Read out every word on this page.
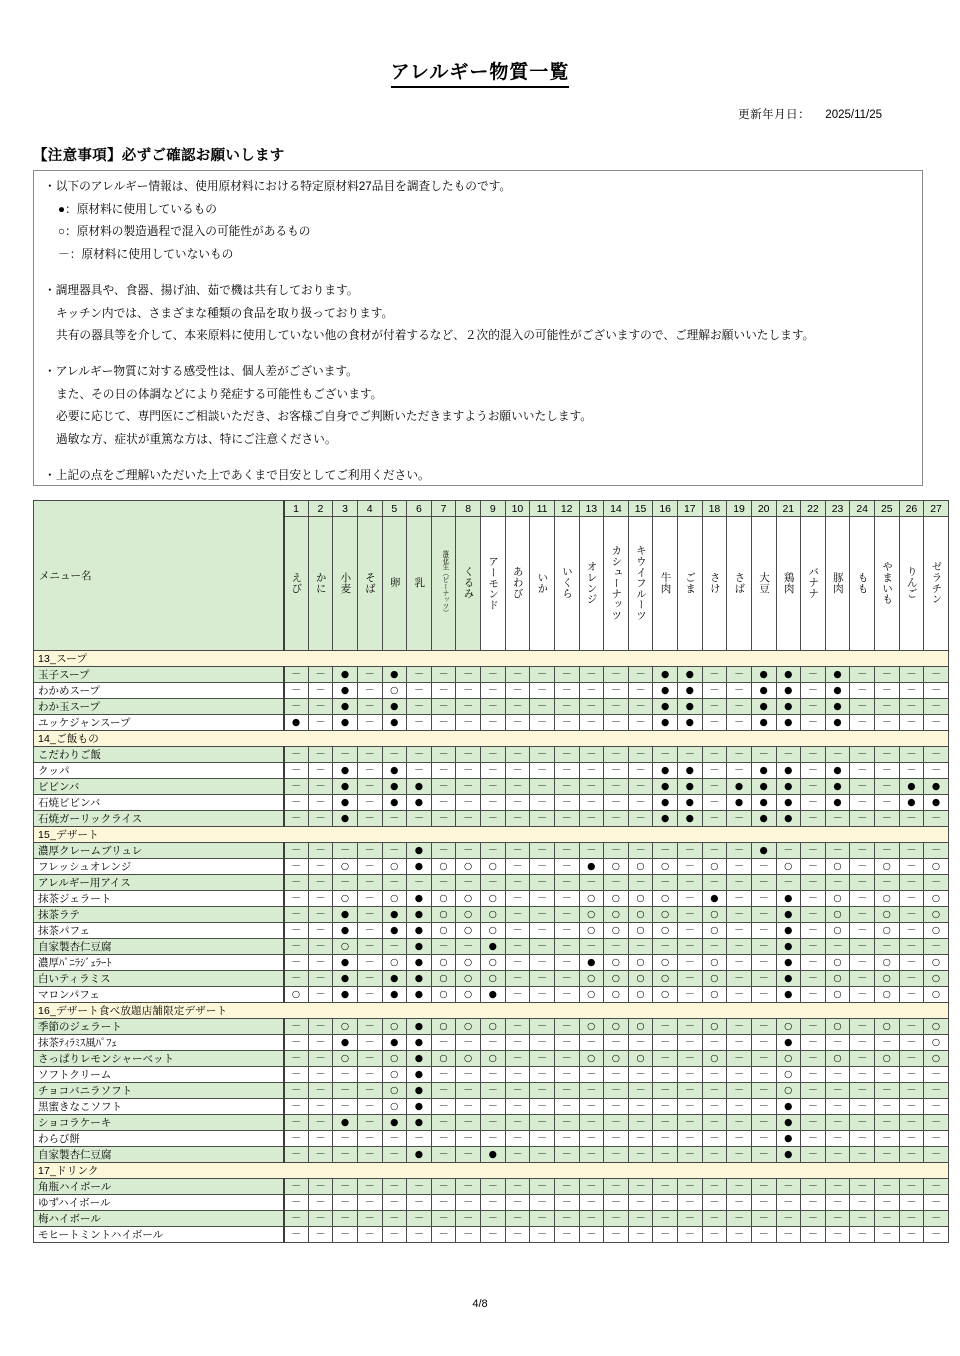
アレルギー物質一覧
更新年月日： 2025/11/25
【注意事項】必ずご確認お願いします
・以下のアレルギー情報は、使用原材料における特定原材料27品目を調査したものです。
●：原材料に使用しているもの
○：原材料の製造過程で混入の可能性があるもの
－：原材料に使用していないもの
・調理器具や、食器、揚げ油、茹で機は共有しております。
キッチン内では、さまざまな種類の食品を取り扱っております。
共有の器具等を介して、本来原料に使用していない他の食材が付着するなど、２次的混入の可能性がございますので、ご理解お願いいたします。
・アレルギー物質に対する感受性は、個人差がございます。
また、その日の体調などにより発症する可能性もございます。
必要に応じて、専門医にご相談いただき、お客様ご自身でご判断いただきますようお願いいたします。
過敏な方、症状が重篤な方は、特にご注意ください。
・上記の点をご理解いただいた上であくまで目安としてご利用ください。
メニュー名	1	2	3	4	5	6	7	8	9	10	11	12	13	14	15	16	17	18	19	20	21	22	23	24	25	26	27
	えび	かに	小麦	そば	卵	乳	落花生（ピーナッツ）	くるみ	アーモンド	あわび	いか	いくら	オレンジ	カシューナッツ	キウイフルーツ	牛肉	ごま	さけ	さば	大豆	鶏肉	バナナ	豚肉	もも	やまいも	りんご	ゼラチン
13_スープ																											
玉子スープ	－	－	●	－	●	－	－	－	－	－	－	－	－	－	－	●	●	－	－	●	●	－	●	－	－	－	－
わかめスープ	－	－	●	－	○	－	－	－	－	－	－	－	－	－	－	●	●	－	－	●	●	－	●	－	－	－	－
わか玉スープ	－	－	●	－	●	－	－	－	－	－	－	－	－	－	－	●	●	－	－	●	●	－	●	－	－	－	－
ユッケジャンスープ	●	－	●	－	●	－	－	－	－	－	－	－	－	－	－	●	●	－	－	●	●	－	●	－	－	－	－
14_ご飯もの																											
こだわりご飯	－	－	－	－	－	－	－	－	－	－	－	－	－	－	－	－	－	－	－	－	－	－	－	－	－	－	－
クッパ	－	－	●	－	●	－	－	－	－	－	－	－	－	－	－	●	●	－	－	●	●	－	●	－	－	－	－
ビビンバ	－	－	●	－	●	●	－	－	－	－	－	－	－	－	－	●	●	－	●	●	●	－	●	－	－	●	●
石焼ビビンバ	－	－	●	－	●	●	－	－	－	－	－	－	－	－	－	●	●	－	●	●	●	－	●	－	－	●	●
石焼ガーリックライス	－	－	●	－	－	－	－	－	－	－	－	－	－	－	－	●	●	－	－	●	●	－	－	－	－	－	－
15_デザート																											
濃厚クレームブリュレ	－	－	－	－	－	●	－	－	－	－	－	－	－	－	－	－	－	－	－	●	－	－	－	－	－	－	－
フレッシュオレンジ	－	－	○	－	○	●	○	○	○	－	－	－	●	○	○	○	－	○	－	－	○	－	○	－	○	－	○
アレルギー用アイス	－	－	－	－	－	－	－	－	－	－	－	－	－	－	－	－	－	－	－	－	－	－	－	－	－	－	－
抹茶ジェラート	－	－	○	－	○	●	○	○	○	－	－	－	○	○	○	○	－	●	－	－	●	－	○	－	○	－	○
抹茶ラテ	－	－	●	－	●	●	○	○	○	－	－	－	○	○	○	○	－	○	－	－	●	－	○	－	○	－	○
抹茶パフェ	－	－	●	－	●	●	○	○	○	－	－	－	○	○	○	○	－	○	－	－	●	－	○	－	○	－	○
自家製杏仁豆腐	－	－	○	－	－	●	－	－	●	－	－	－	－	－	－	－	－	－	－	－	●	－	－	－	－	－	－
濃厚ﾊﾞﾆﾗｼﾞｪﾗｰﾄ	－	－	●	－	○	●	○	○	○	－	－	－	●	○	○	○	－	○	－	－	●	－	○	－	○	－	○
白いティラミス	－	－	●	－	●	●	○	○	○	－	－	－	○	○	○	○	－	○	－	－	●	－	○	－	○	－	○
マロンパフェ	○	－	●	－	●	●	○	○	●	－	－	－	○	○	○	○	－	○	－	－	●	－	○	－	○	－	○
16_デザート食べ放題店舗限定デザート																											
季節のジェラート	－	－	○	－	○	●	○	○	○	－	－	－	○	○	○	－	－	○	－	－	○	－	○	－	○	－	○
抹茶ﾃｨﾗﾐｽ風ﾊﾟﾌｪ	－	－	●	－	●	●	－	－	－	－	－	－	－	－	－	－	－	－	－	－	●	－	－	－	－	－	○
さっぱりレモンシャーベット	－	－	○	－	○	●	○	○	○	－	－	－	○	○	○	－	－	○	－	－	○	－	○	－	○	－	○
ソフトクリーム	－	－	－	－	○	●	－	－	－	－	－	－	－	－	－	－	－	－	－	－	○	－	－	－	－	－	－
チョコバニラソフト	－	－	－	－	○	●	－	－	－	－	－	－	－	－	－	－	－	－	－	－	○	－	－	－	－	－	－
黒蜜きなこソフト	－	－	－	－	○	●	－	－	－	－	－	－	－	－	－	－	－	－	－	－	●	－	－	－	－	－	－
ショコラケーキ	－	－	●	－	●	●	－	－	－	－	－	－	－	－	－	－	－	－	－	－	●	－	－	－	－	－	－
わらび餅	－	－	－	－	－	－	－	－	－	－	－	－	－	－	－	－	－	－	－	－	●	－	－	－	－	－	－
自家製杏仁豆腐	－	－	－	－	－	●	－	－	●	－	－	－	－	－	－	－	－	－	－	－	●	－	－	－	－	－	－
17_ドリンク																											
角瓶ハイボール	－	－	－	－	－	－	－	－	－	－	－	－	－	－	－	－	－	－	－	－	－	－	－	－	－	－	－
ゆずハイボール	－	－	－	－	－	－	－	－	－	－	－	－	－	－	－	－	－	－	－	－	－	－	－	－	－	－	－
梅ハイボール	－	－	－	－	－	－	－	－	－	－	－	－	－	－	－	－	－	－	－	－	－	－	－	－	－	－	－
モヒートミントハイボール	－	－	－	－	－	－	－	－	－	－	－	－	－	－	－	－	－	－	－	－	－	－	－	－	－	－	－
4/8
